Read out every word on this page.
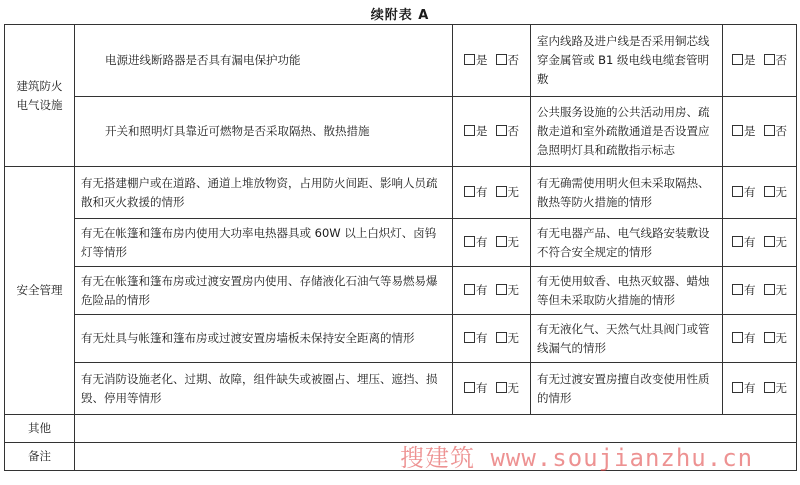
续附表 A
建筑防火电气设施	电源进线断路器是否具有漏电保护功能	是 否	室内线路及进户线是否采用铜芯线穿金属管或 B1 级电线电缆套管明敷	是 否
	开关和照明灯具靠近可燃物是否采取隔热、散热措施	是 否	公共服务设施的公共活动用房、疏散走道和室外疏散通道是否设置应急照明灯具和疏散指示标志	是 否
安全管理	有无搭建棚户或在道路、通道上堆放物资，占用防火间距、影响人员疏散和灭火救援的情形	有 无	有无确需使用明火但未采取隔热、散热等防火措施的情形	有 无
	有无在帐篷和篷布房内使用大功率电热器具或 60W 以上白炽灯、卤钨灯等情形	有 无	有无电器产品、电气线路安装敷设不符合安全规定的情形	有 无
	有无在帐篷和篷布房或过渡安置房内使用、存储液化石油气等易燃易爆危险品的情形	有 无	有无使用蚊香、电热灭蚊器、蜡烛等但未采取防火措施的情形	有 无
	有无灶具与帐篷和篷布房或过渡安置房墙板未保持安全距离的情形	有 无	有无液化气、天然气灶具阀门或管线漏气的情形	有 无
	有无消防设施老化、过期、故障，组件缺失或被圈占、埋压、遮挡、损毁、停用等情形	有 无	有无过渡安置房擅自改变使用性质的情形	有 无
其他				
备注					搜建筑 www.soujianzhu.cn
